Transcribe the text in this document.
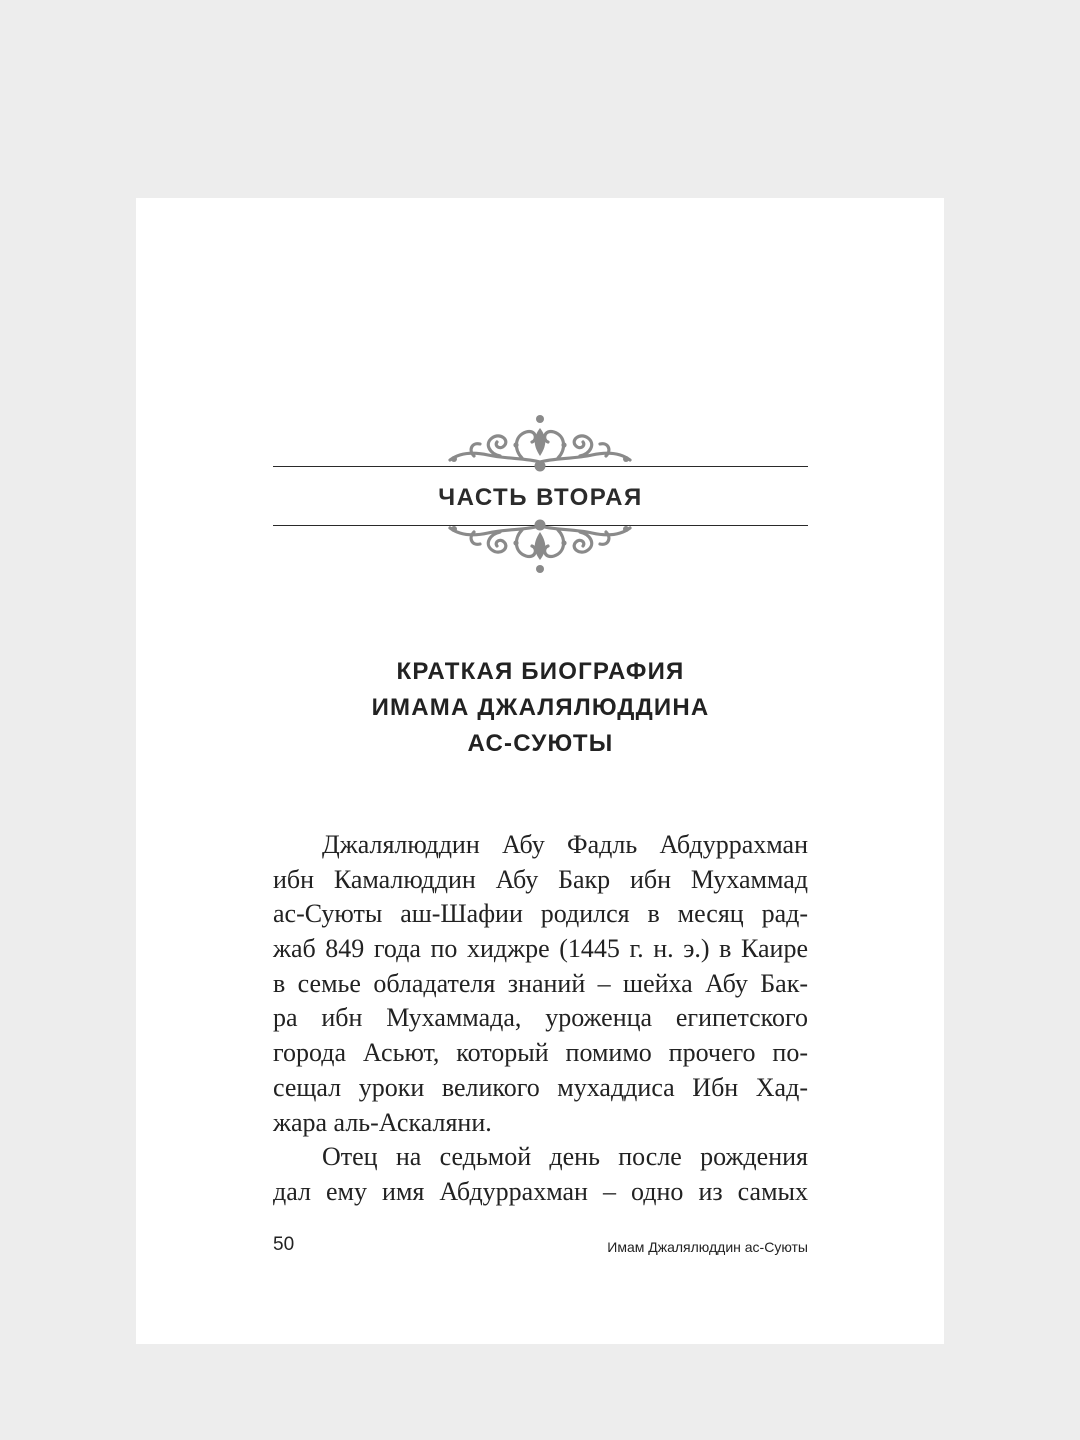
ЧАСТЬ ВТОРАЯ
КРАТКАЯ БИОГРАФИЯ
ИМАМА ДЖАЛЯЛЮДДИНА
АС-СУЮТЫ
Джалялюддин Абу Фадль Абдуррахман
ибн Камалюддин Абу Бакр ибн Мухаммад
ас-Суюты аш-Шафии родился в месяц рад-
жаб 849 года по хиджре (1445 г. н. э.) в Каире
в семье обладателя знаний – шейха Абу Бак-
ра ибн Мухаммада, уроженца египетского
города Асьют, который помимо прочего по-
сещал уроки великого мухаддиса Ибн Хад-
жара аль-Аскаляни.
Отец на седьмой день после рождения
дал ему имя Абдуррахман – одно из самых
50	Имам Джалялюддин ас-Суюты
